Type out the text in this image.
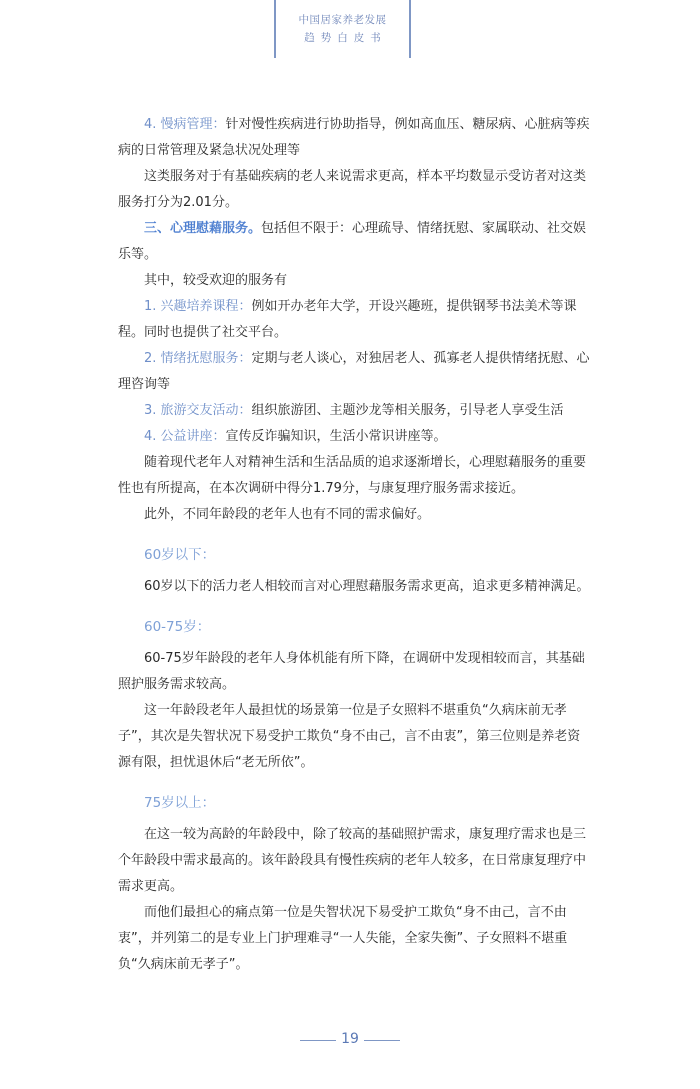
中国居家养老发展
趋势白皮书

4. 慢病管理：针对慢性疾病进行协助指导，例如高血压、糖尿病、心脏病等疾病的日常管理及紧急状况处理等

这类服务对于有基础疾病的老人来说需求更高，样本平均数显示受访者对这类服务打分为2.01分。

三、心理慰藉服务。包括但不限于：心理疏导、情绪抚慰、家属联动、社交娱乐等。

其中，较受欢迎的服务有

1. 兴趣培养课程：例如开办老年大学，开设兴趣班，提供钢琴书法美术等课程。同时也提供了社交平台。

2. 情绪抚慰服务：定期与老人谈心，对独居老人、孤寡老人提供情绪抚慰、心理咨询等

3. 旅游交友活动：组织旅游团、主题沙龙等相关服务，引导老人享受生活

4. 公益讲座：宣传反诈骗知识，生活小常识讲座等。

随着现代老年人对精神生活和生活品质的追求逐渐增长，心理慰藉服务的重要性也有所提高，在本次调研中得分1.79分，与康复理疗服务需求接近。

此外，不同年龄段的老年人也有不同的需求偏好。

60岁以下：

60岁以下的活力老人相较而言对心理慰藉服务需求更高，追求更多精神满足。

60-75岁：

60-75岁年龄段的老年人身体机能有所下降，在调研中发现相较而言，其基础照护服务需求较高。

这一年龄段老年人最担忧的场景第一位是子女照料不堪重负“久病床前无孝子”，其次是失智状况下易受护工欺负“身不由己，言不由衷”，第三位则是养老资源有限，担忧退休后“老无所依”。

75岁以上：

在这一较为高龄的年龄段中，除了较高的基础照护需求，康复理疗需求也是三个年龄段中需求最高的。该年龄段具有慢性疾病的老年人较多，在日常康复理疗中需求更高。

而他们最担心的痛点第一位是失智状况下易受护工欺负“身不由己，言不由衷”，并列第二的是专业上门护理难寻“一人失能，全家失衡”、子女照料不堪重负“久病床前无孝子”。

19
